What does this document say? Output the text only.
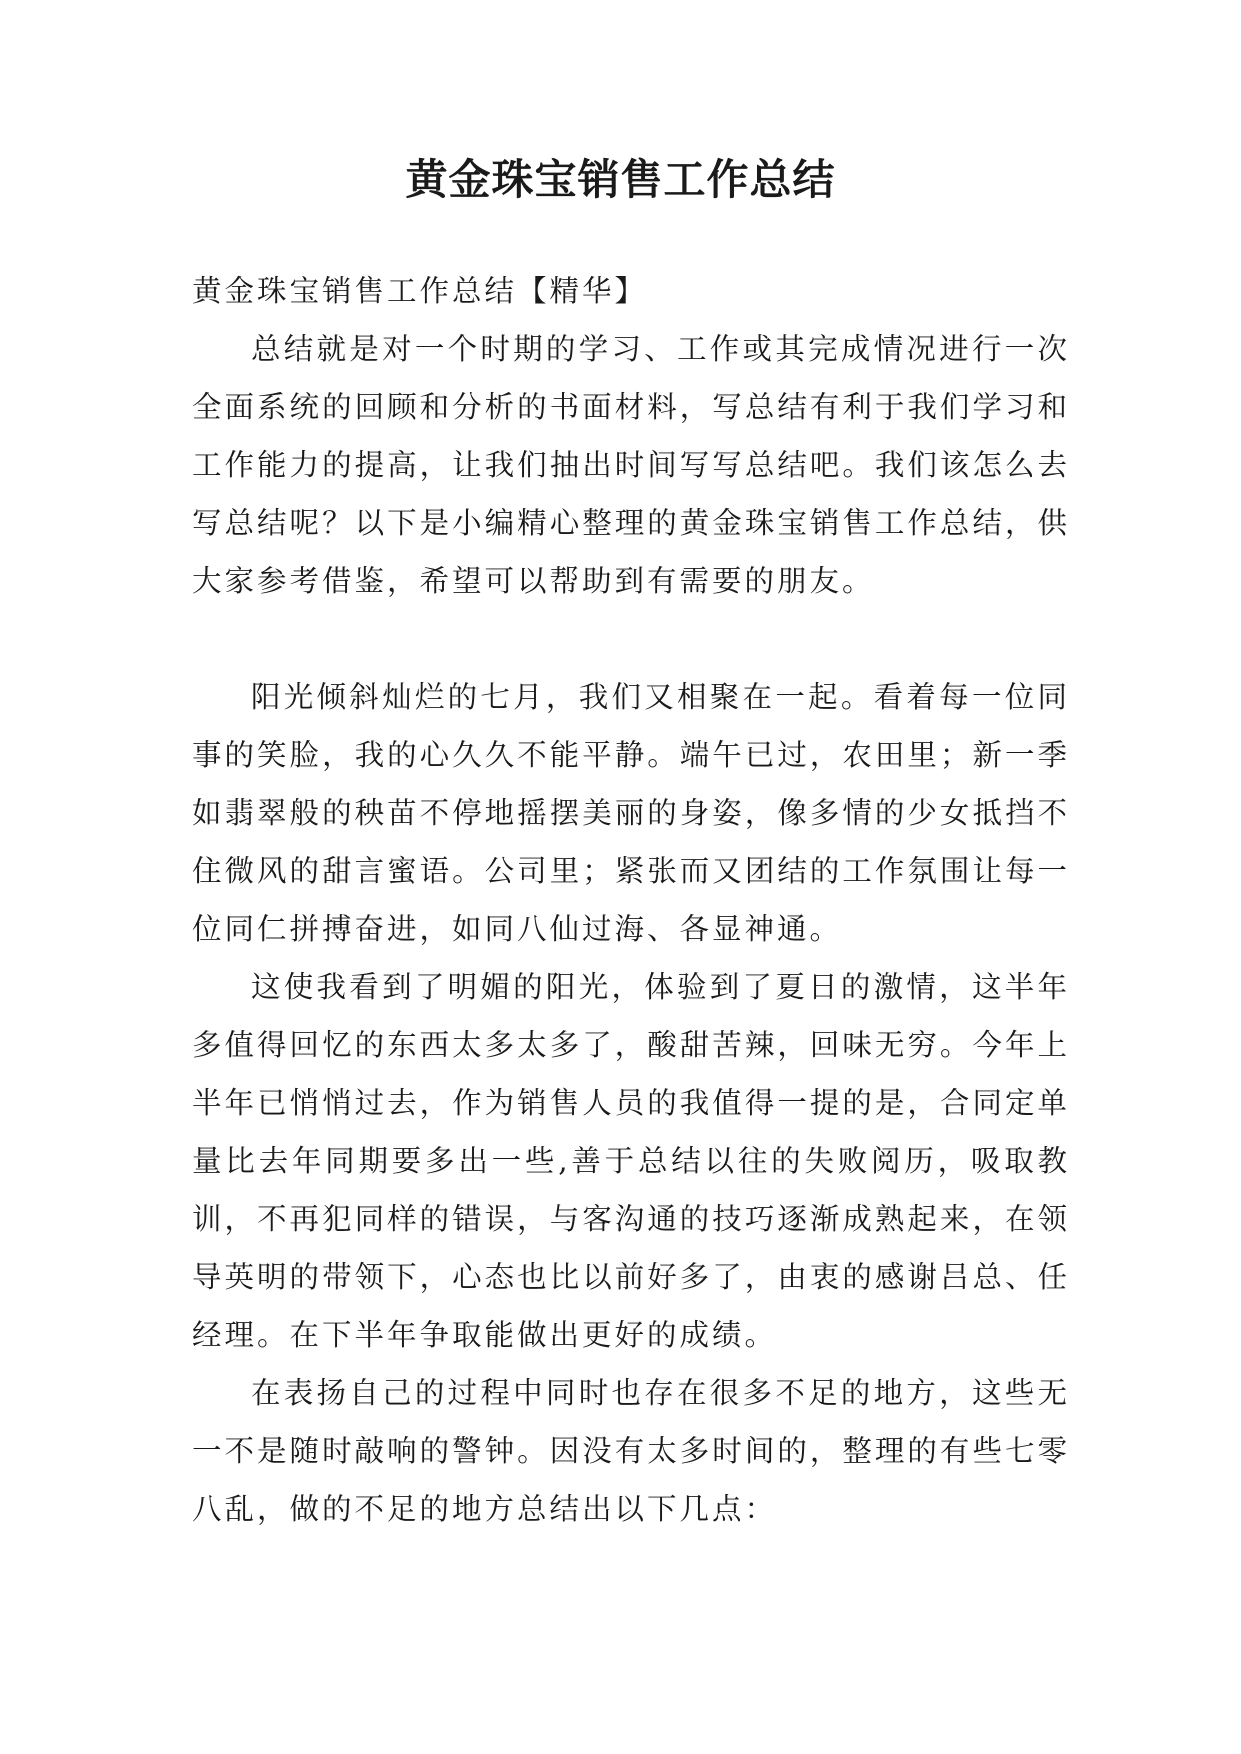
黄金珠宝销售工作总结

黄金珠宝销售工作总结【精华】

总结就是对一个时期的学习、工作或其完成情况进行一次全面系统的回顾和分析的书面材料，写总结有利于我们学习和工作能力的提高，让我们抽出时间写写总结吧。我们该怎么去写总结呢？以下是小编精心整理的黄金珠宝销售工作总结，供大家参考借鉴，希望可以帮助到有需要的朋友。

阳光倾斜灿烂的七月，我们又相聚在一起。看着每一位同事的笑脸，我的心久久不能平静。端午已过，农田里；新一季如翡翠般的秧苗不停地摇摆美丽的身姿，像多情的少女抵挡不住微风的甜言蜜语。公司里；紧张而又团结的工作氛围让每一位同仁拼搏奋进，如同八仙过海、各显神通。

这使我看到了明媚的阳光，体验到了夏日的激情，这半年多值得回忆的东西太多太多了，酸甜苦辣，回味无穷。今年上半年已悄悄过去，作为销售人员的我值得一提的是，合同定单量比去年同期要多出一些,善于总结以往的失败阅历，吸取教训，不再犯同样的错误，与客沟通的技巧逐渐成熟起来，在领导英明的带领下，心态也比以前好多了，由衷的感谢吕总、任经理。在下半年争取能做出更好的成绩。

在表扬自己的过程中同时也存在很多不足的地方，这些无一不是随时敲响的警钟。因没有太多时间的，整理的有些七零八乱，做的不足的地方总结出以下几点：
